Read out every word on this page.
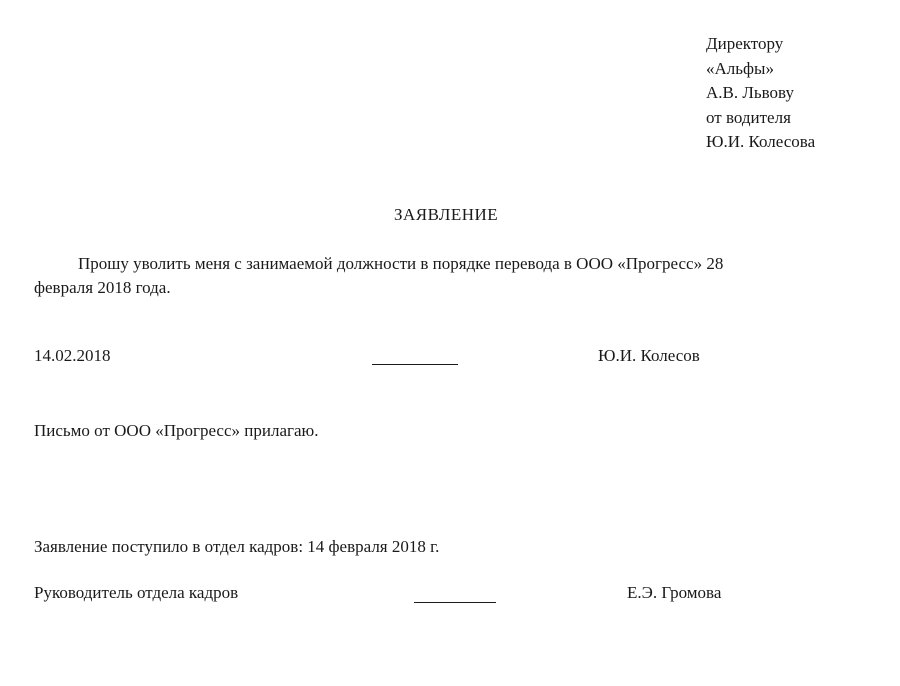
Директору
«Альфы»
А.В. Львову
от водителя
Ю.И. Колесова
ЗАЯВЛЕНИЕ
Прошу уволить меня с занимаемой должности в порядке перевода в ООО «Прогресс» 28
февраля 2018 года.
14.02.2018	Ю.И. Колесов
Письмо от ООО «Прогресс» прилагаю.
Заявление поступило в отдел кадров: 14 февраля 2018 г.
Руководитель отдела кадров	Е.Э. Громова
